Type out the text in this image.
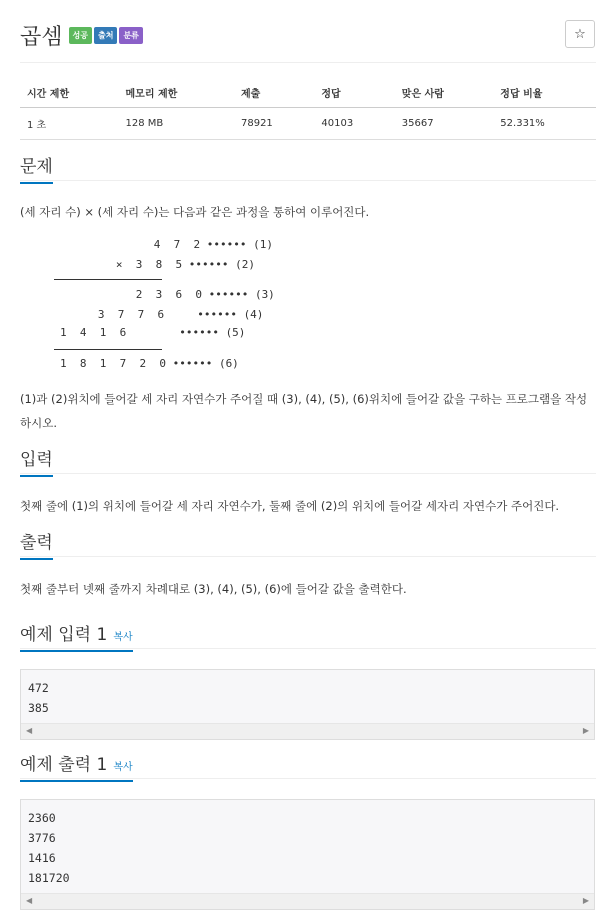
곱셈	성공	출처	분류	☆
시간 제한	메모리 제한	제출	정답	맞은 사람	정답 비율
1 초	128 MB	78921	40103	35667	52.331%
문제
(세 자리 수) × (세 자리 수)는 다음과 같은 과정을 통하여 이루어진다.
4  7  2 •••••• (1)
×  3  8  5 •••••• (2)
2  3  6  0 •••••• (3)
3  7  7  6     •••••• (4)
1  4  1  6        •••••• (5)
1  8  1  7  2  0 •••••• (6)
(1)과 (2)위치에 들어갈 세 자리 자연수가 주어질 때 (3), (4), (5), (6)위치에 들어갈 값을 구하는 프로그램을 작성하시오.
입력
첫째 줄에 (1)의 위치에 들어갈 세 자리 자연수가, 둘째 줄에 (2)의 위치에 들어갈 세자리 자연수가 주어진다.
출력
첫째 줄부터 넷째 줄까지 차례대로 (3), (4), (5), (6)에 들어갈 값을 출력한다.
예제 입력 1 복사
472
385
◀	▶
예제 출력 1 복사
2360
3776
1416
181720
◀	▶
